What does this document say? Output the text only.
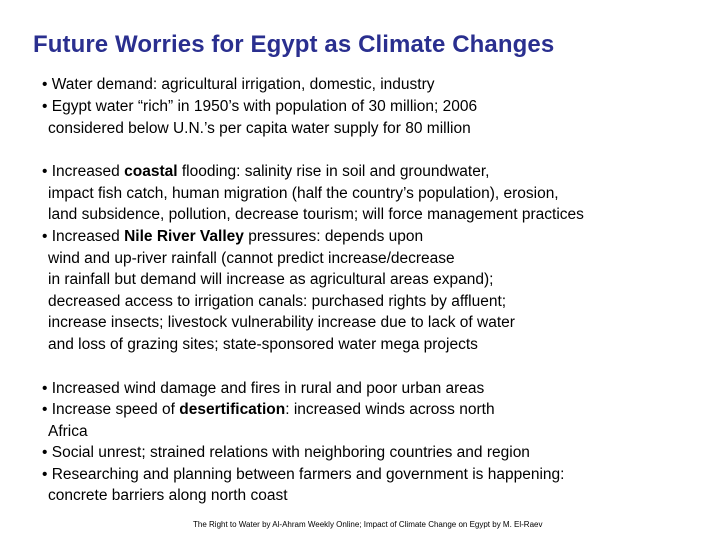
Future Worries for Egypt as Climate Changes
• Water demand: agricultural irrigation, domestic, industry
• Egypt water “rich” in 1950’s with population of 30 million; 2006
considered below U.N.’s per capita water supply for 80 million
• Increased coastal flooding: salinity rise in soil and groundwater,
impact fish catch, human migration (half the country’s population), erosion,
land subsidence, pollution, decrease tourism; will force management practices
• Increased Nile River Valley pressures: depends upon
wind and up-river rainfall (cannot predict increase/decrease
in rainfall but demand will increase as agricultural areas expand);
decreased access to irrigation canals: purchased rights by affluent;
increase insects; livestock vulnerability increase due to lack of water
and loss of grazing sites; state-sponsored water mega projects
• Increased wind damage and fires in rural and poor urban areas
• Increase speed of desertification: increased winds across north
Africa
• Social unrest; strained relations with neighboring countries and region
• Researching and planning between farmers and government is happening:
concrete barriers along north coast
The Right to Water by Al-Ahram Weekly Online; Impact of Climate Change on Egypt by M. El-Raev
